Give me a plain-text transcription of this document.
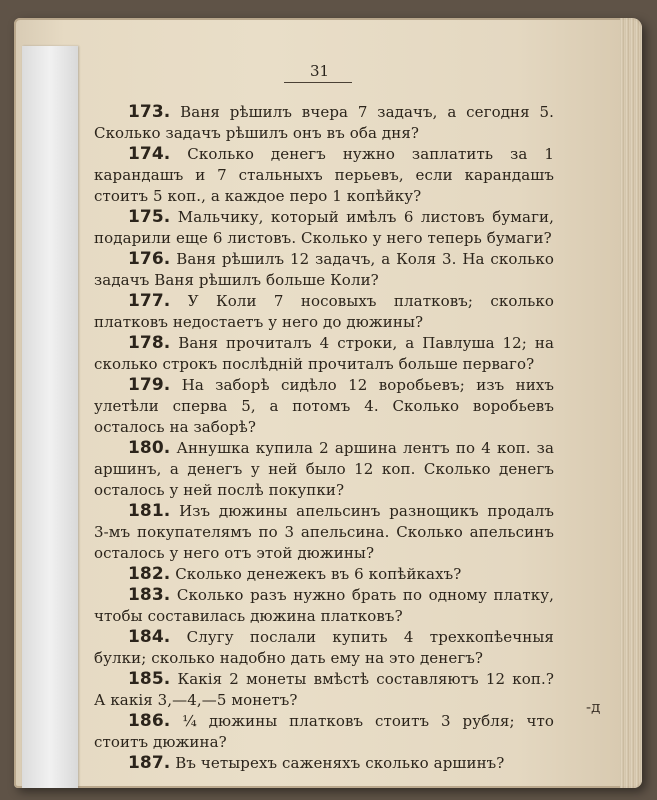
31
173. Ваня рѣшилъ вчера 7 задачъ, а сегодня 5. Сколько задачъ рѣшилъ онъ въ оба дня?
174. Сколько денегъ нужно заплатить за 1 карандашъ и 7 стальныхъ перьевъ, если карандашъ стоитъ 5 коп., а каждое перо 1 копѣйку?
175. Мальчику, который имѣлъ 6 листовъ бумаги, подарили еще 6 листовъ. Сколько у него теперь бумаги?
176. Ваня рѣшилъ 12 задачъ, а Коля 3. На сколько задачъ Ваня рѣшилъ больше Коли?
177. У Коли 7 носовыхъ платковъ; сколько платковъ недостаетъ у него до дюжины?
178. Ваня прочиталъ 4 строки, а Павлуша 12; на сколько строкъ послѣдній прочиталъ больше перваго?
179. На заборѣ сидѣло 12 воробьевъ; изъ нихъ улетѣли сперва 5, а потомъ 4. Сколько воробьевъ осталось на заборѣ?
180. Аннушка купила 2 аршина лентъ по 4 коп. за аршинъ, а денегъ у ней было 12 коп. Сколько денегъ осталось у ней послѣ покупки?
181. Изъ дюжины апельсинъ разнощикъ продалъ 3-мъ покупателямъ по 3 апельсина. Сколько апельсинъ осталось у него отъ этой дюжины?
182. Сколько денежекъ въ 6 копѣйкахъ?
183. Сколько разъ нужно брать по одному платку, чтобы составилась дюжина платковъ?
184. Слугу послали купить 4 трехкопѣечныя булки; сколько надобно дать ему на это денегъ?
185. Какія 2 монеты вмѣстѣ составляютъ 12 коп.? А какія 3,—4,—5 монетъ?
186. ¼ дюжины платковъ стоитъ 3 рубля; что стоитъ дюжина?
187. Въ четырехъ саженяхъ сколько аршинъ?
-д
